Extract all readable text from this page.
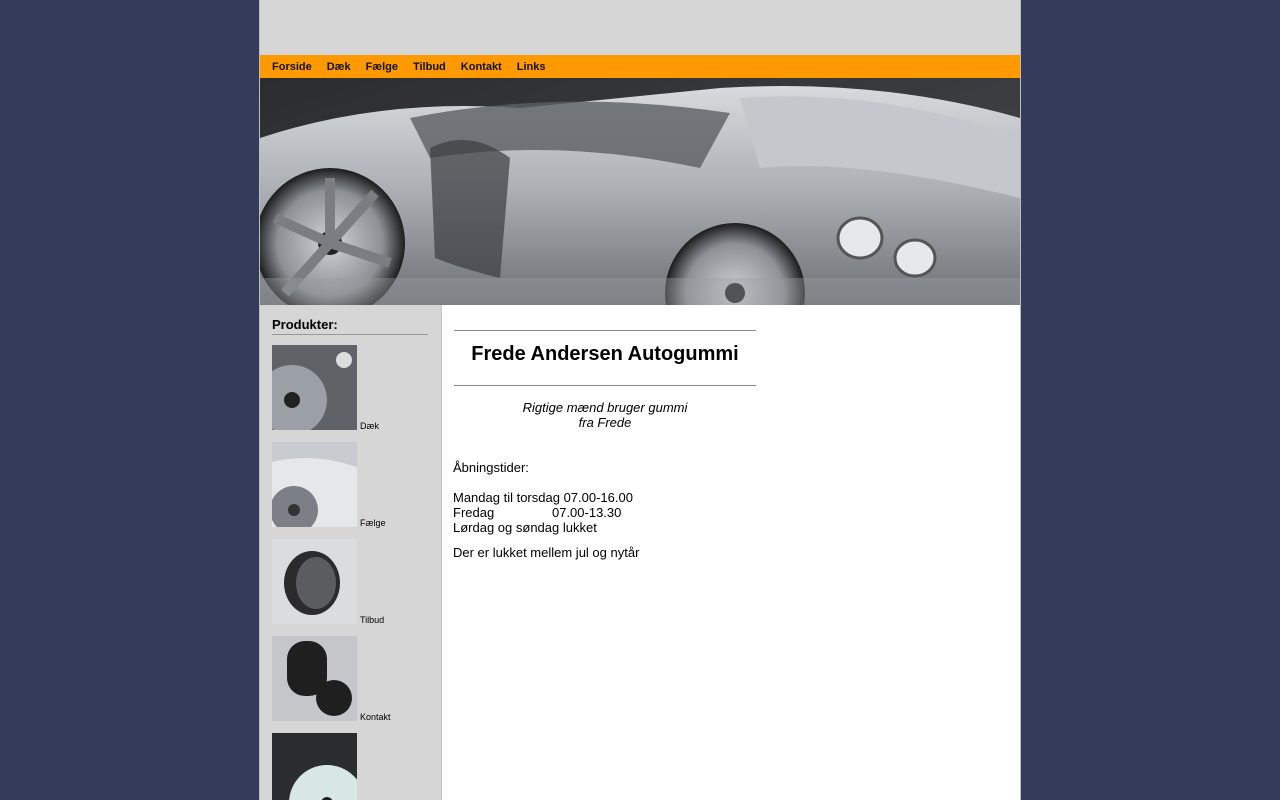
Forside Dæk Fælge Tilbud Kontakt Links
Produkter:
Dæk
Fælge
Tilbud
Kontakt
Frede Andersen Autogummi
Rigtige mænd bruger gummi
fra Frede
Åbningstider:
Mandag til torsdag 07.00-16.00
Fredag                07.00-13.30
Lørdag og søndag lukket
Der er lukket mellem jul og nytår
